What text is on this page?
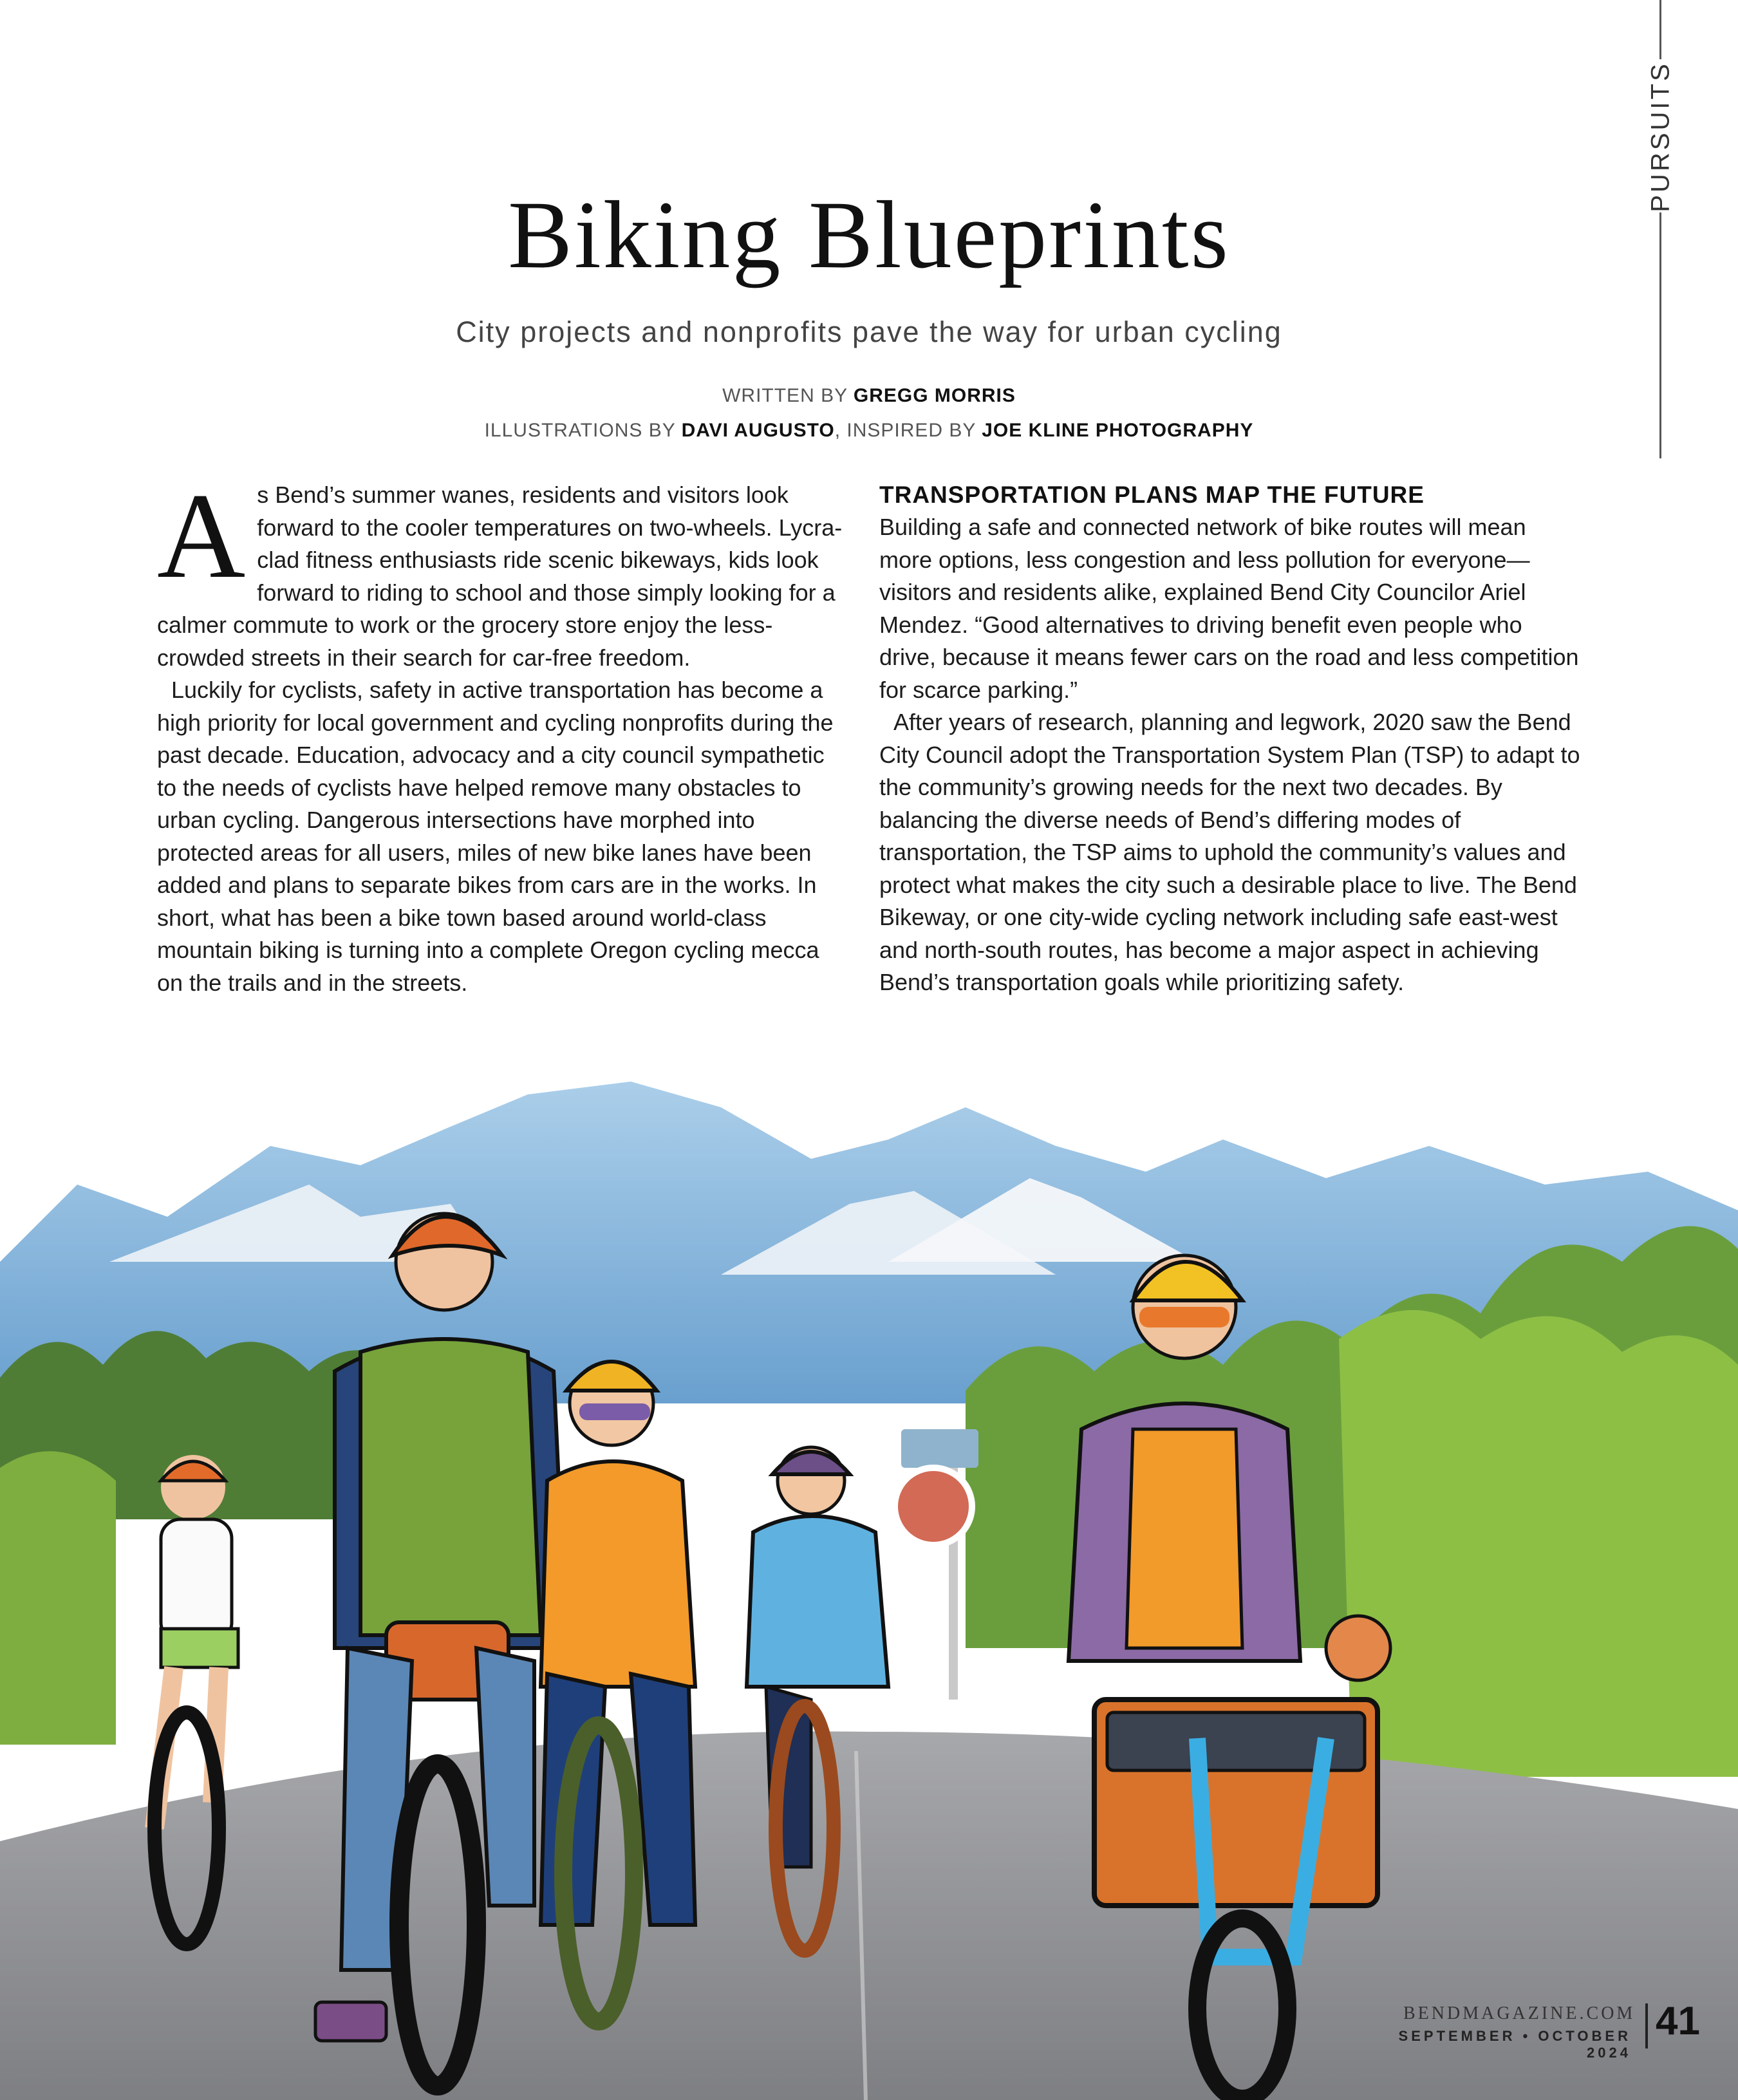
PURSUITS
Biking Blueprints
City projects and nonprofits pave the way for urban cycling
WRITTEN BY GREGG MORRIS
ILLUSTRATIONS BY DAVI AUGUSTO, INSPIRED BY JOE KLINE PHOTOGRAPHY

As Bend’s summer wanes, residents and visitors look forward to the cooler temperatures on two-wheels. Lycra-clad fitness enthusiasts ride scenic bikeways, kids look forward to riding to school and those simply looking for a calmer commute to work or the grocery store enjoy the less-crowded streets in their search for car-free freedom.

Luckily for cyclists, safety in active transportation has become a high priority for local government and cycling nonprofits during the past decade. Education, advocacy and a city council sympathetic to the needs of cyclists have helped remove many obstacles to urban cycling. Dangerous intersections have morphed into protected areas for all users, miles of new bike lanes have been added and plans to separate bikes from cars are in the works. In short, what has been a bike town based around world-class mountain biking is turning into a complete Oregon cycling mecca on the trails and in the streets.

TRANSPORTATION PLANS MAP THE FUTURE

Building a safe and connected network of bike routes will mean more options, less congestion and less pollution for everyone—visitors and residents alike, explained Bend City Councilor Ariel Mendez. “Good alternatives to driving benefit even people who drive, because it means fewer cars on the road and less competition for scarce parking.”

After years of research, planning and legwork, 2020 saw the Bend City Council adopt the Transportation System Plan (TSP) to adapt to the community’s growing needs for the next two decades. By balancing the diverse needs of Bend’s differing modes of transportation, the TSP aims to uphold the community’s values and protect what makes the city such a desirable place to live. The Bend Bikeway, or one city-wide cycling network including safe east-west and north-south routes, has become a major aspect in achieving Bend’s transportation goals while prioritizing safety.

BENDMAGAZINE.COM
SEPTEMBER • OCTOBER 2024
41
